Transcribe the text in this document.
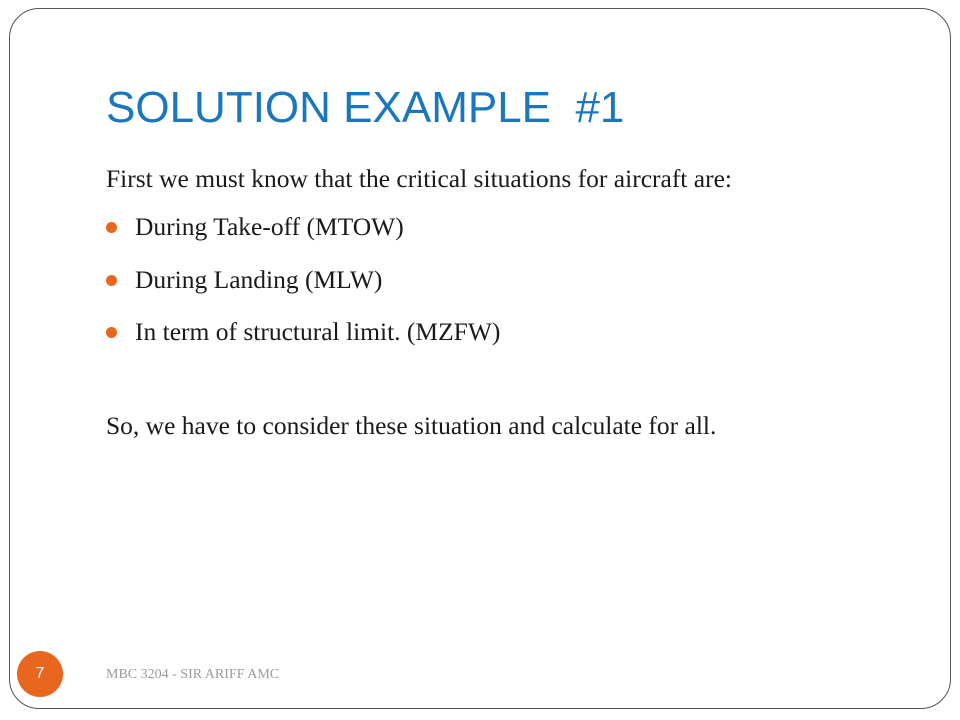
SOLUTION EXAMPLE  #1

First we must know that the critical situations for aircraft are:

During Take-off (MTOW)
During Landing (MLW)
In term of structural limit. (MZFW)

So, we have to consider these situation and calculate for all.

7	MBC 3204 - SIR ARIFF AMC
